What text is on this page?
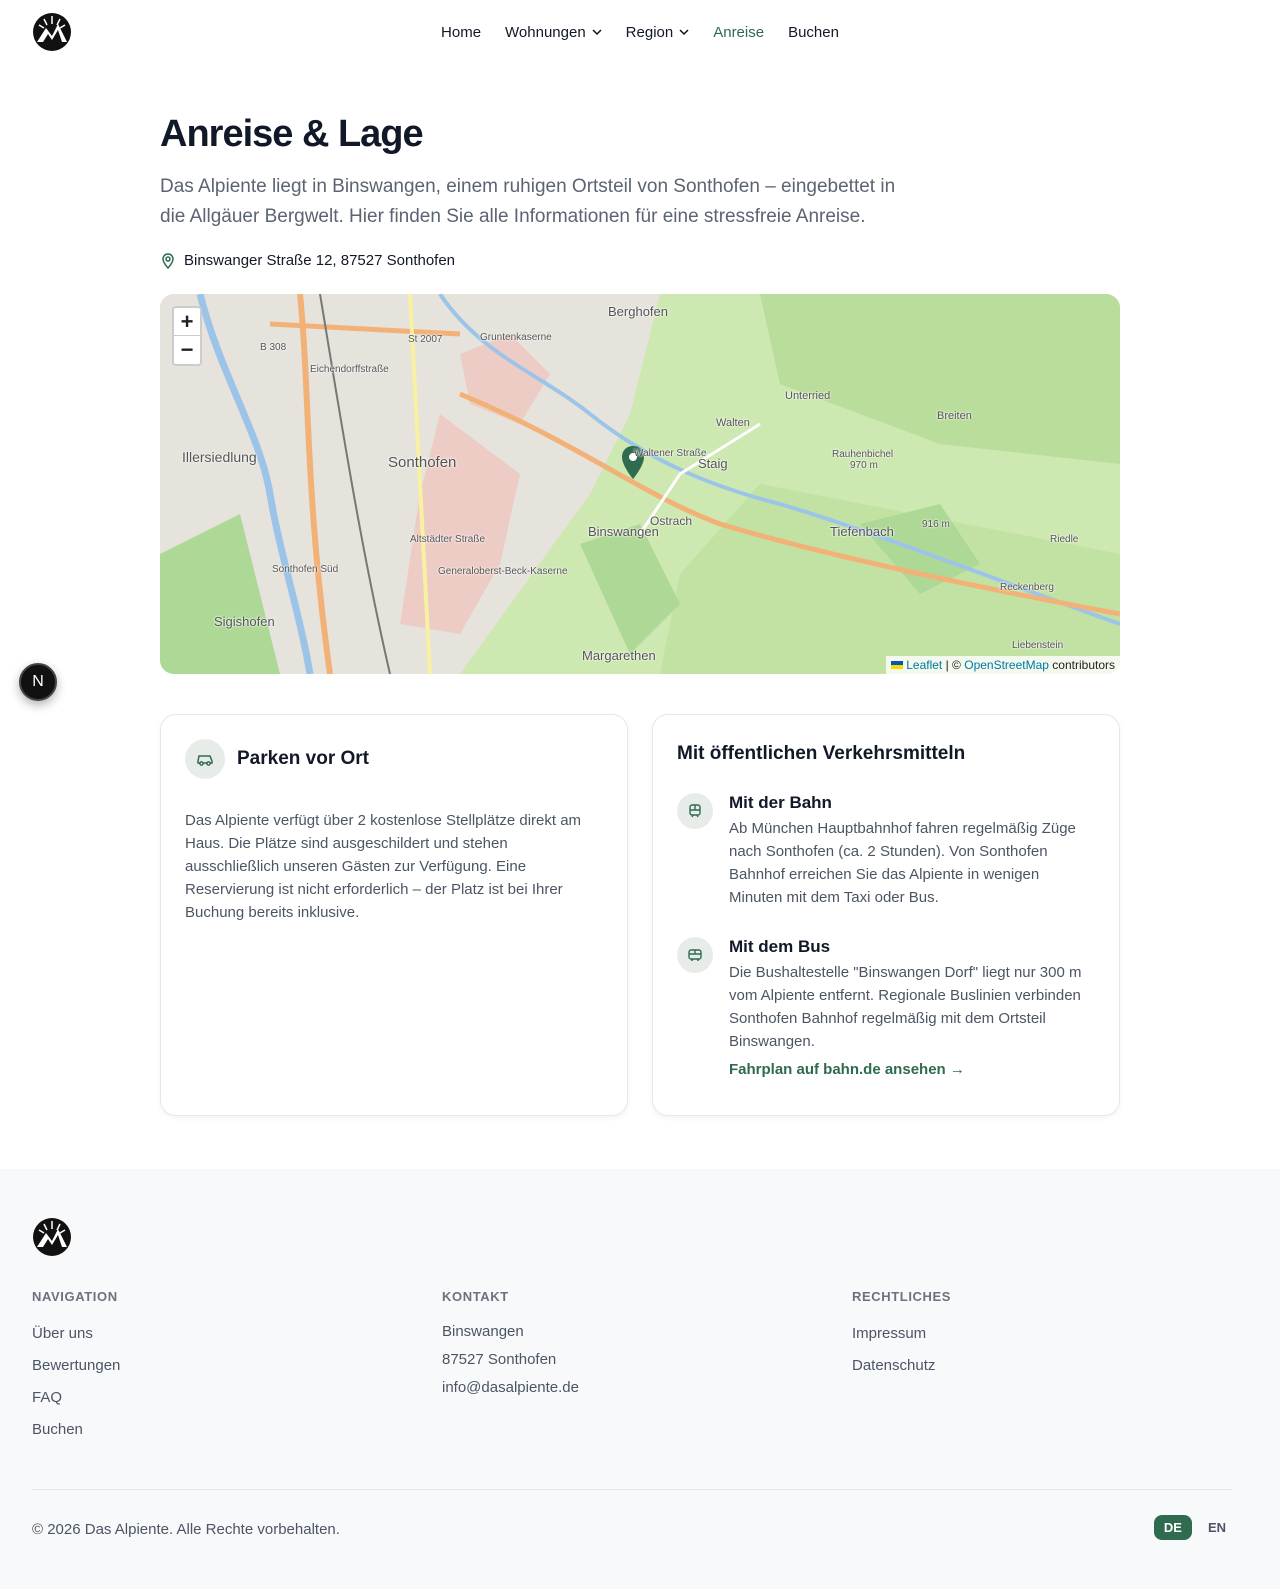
Home Wohnungen	Region	Anreise Buchen
Anreise & Lage

Das Alpiente liegt in Binswangen, einem ruhigen Ortsteil von Sonthofen – eingebettet in die Allgäuer Bergwelt. Hier finden Sie alle Informationen für eine stressfreie Anreise.

Binswanger Straße 12, 87527 Sonthofen
+
−
Berghofen
Sonthofen
Illersiedlung
Binswangen
Unterried
Walten
Breiten
Staig
Rauhenbichel
970 m
916 m
Tiefenbach
Riedle
Reckenberg
Liebenstein
Sigishofen
Margarethen
Gruntenkaserne
Sonthofen Süd	Generaloberst-Beck-Kaserne
B 308
St 2007
Ostrach
Waltener Straße
Altstädter Straße
Eichendorffstraße
Leaflet | © OpenStreetMap contributors
Parken vor Ort

Das Alpiente verfügt über 2 kostenlose Stellplätze direkt am Haus. Die Plätze sind ausgeschildert und stehen ausschließlich unseren Gästen zur Verfügung. Eine Reservierung ist nicht erforderlich – der Platz ist bei Ihrer Buchung bereits inklusive.

Mit öffentlichen Verkehrsmitteln
Mit der Bahn

Ab München Hauptbahnhof fahren regelmäßig Züge nach Sonthofen (ca. 2 Stunden). Von Sonthofen Bahnhof erreichen Sie das Alpiente in wenigen Minuten mit dem Taxi oder Bus.

Mit dem Bus

Die Bushaltestelle "Binswangen Dorf" liegt nur 300 m vom Alpiente entfernt. Regionale Buslinien verbinden Sonthofen Bahnhof regelmäßig mit dem Ortsteil Binswangen.

Fahrplan auf bahn.de ansehen →
N
NAVIGATION
Über uns
Bewertungen
FAQ
Buchen
KONTAKT
Binswangen
87527 Sonthofen
info@dasalpiente.de
RECHTLICHES
Impressum
Datenschutz
© 2026 Das Alpiente. Alle Rechte vorbehalten.	DE	EN
